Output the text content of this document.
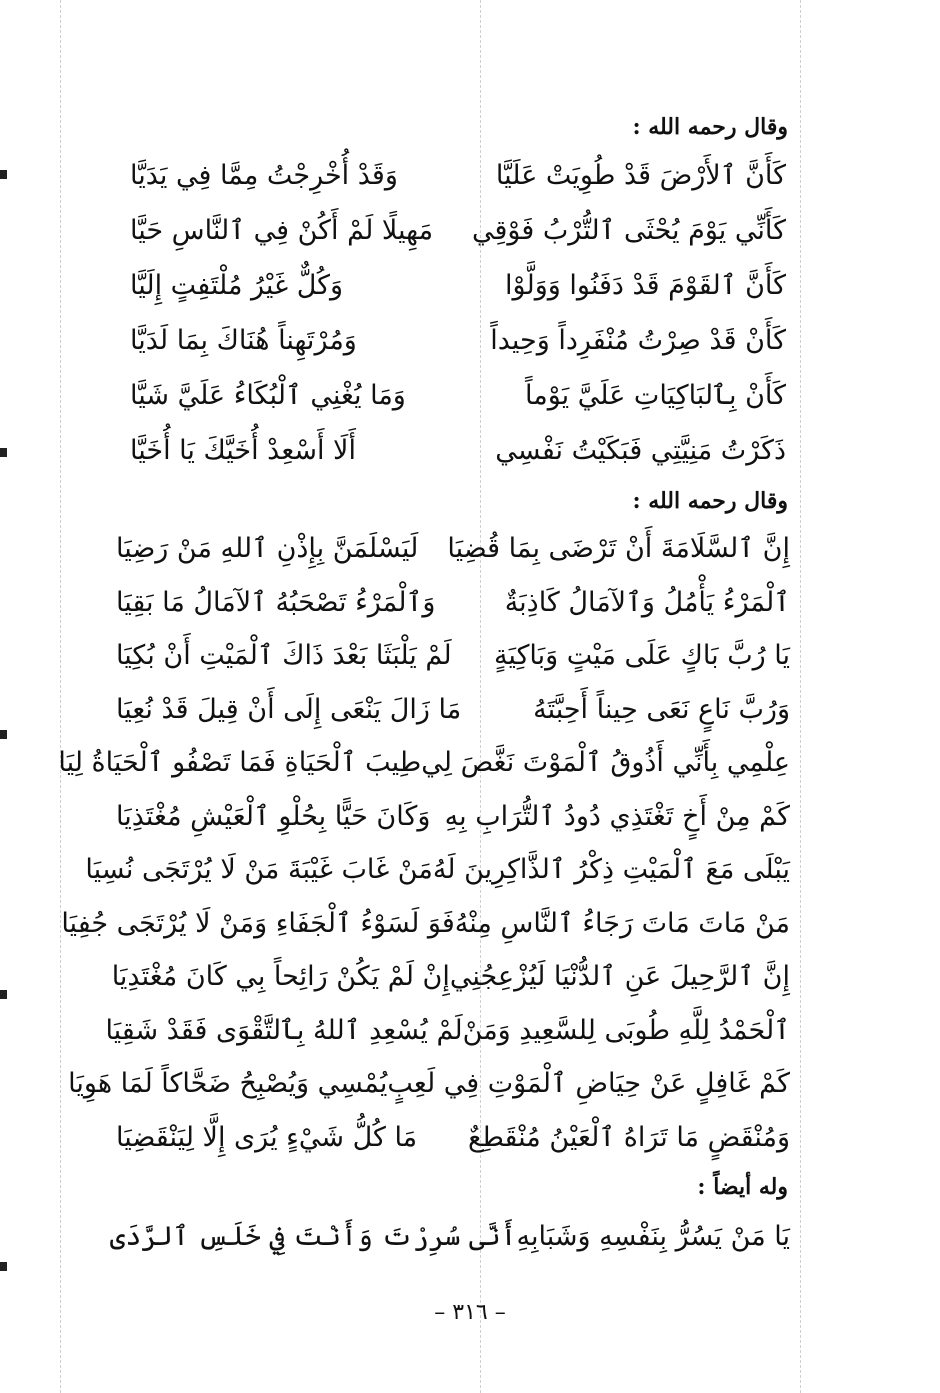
وقال رحمه الله :
كَأَنَّ ٱلأَرْضَ قَدْ طُوِيَتْ عَلَيَّا
وَقَدْ أُخْرِجْتُ مِمَّا فِي يَدَيَّا
كَأَنِّي يَوْمَ يُحْثَى ٱلتُّرْبُ فَوْقِي
مَهِيلًا لَمْ أَكُنْ فِي ٱلنَّاسِ حَيَّا
كَأَنَّ ٱلقَوْمَ قَدْ دَفَنُوا وَوَلَّوْا
وَكُلٌّ غَيْرُ مُلْتَفِتٍ إِلَيَّا
كَأَنْ قَدْ صِرْتُ مُنْفَرِداً وَحِيداً
وَمُرْتَهِناً هُنَاكَ بِمَا لَدَيَّا
كَأَنْ بِٱلبَاكِيَاتِ عَلَيَّ يَوْماً
وَمَا يُغْنِي ٱلْبُكَاءُ عَلَيَّ شَيَّا
ذَكَرْتُ مَنِيَّتِي فَبَكَيْتُ نَفْسِي
أَلَا أَسْعِدْ أُخَيَّكَ يَا أُخَيَّا
وقال رحمه الله :
إِنَّ ٱلسَّلَامَةَ أَنْ تَرْضَى بِمَا قُضِيَا
لَيَسْلَمَنَّ بِإِذْنِ ٱللهِ مَنْ رَضِيَا
ٱلْمَرْءُ يَأْمُلُ وَٱلآمَالُ كَاذِبَةٌ
وَٱلْمَرْءُ تَصْحَبُهُ ٱلآمَالُ مَا بَقِيَا
يَا رُبَّ بَاكٍ عَلَى مَيْتٍ وَبَاكِيَةٍ
لَمْ يَلْبَثَا بَعْدَ ذَاكَ ٱلْمَيْتِ أَنْ بُكِيَا
وَرُبَّ نَاعٍ نَعَى حِيناً أَحِبَّتَهُ
مَا زَالَ يَنْعَى إِلَى أَنْ قِيلَ قَدْ نُعِيَا
عِلْمِي بِأَنِّي أَذُوقُ ٱلْمَوْتَ نَغَّصَ لِي
طِيبَ ٱلْحَيَاةِ فَمَا تَصْفُو ٱلْحَيَاةُ لِيَا
كَمْ مِنْ أَخٍ تَغْتَذِي دُودُ ٱلتُّرَابِ بِهِ
وَكَانَ حَيًّا بِحُلْوِ ٱلْعَيْشِ مُغْتَذِيَا
يَبْلَى مَعَ ٱلْمَيْتِ ذِكْرُ ٱلذَّاكِرِينَ لَهُ
مَنْ غَابَ غَيْبَةَ مَنْ لَا يُرْتَجَى نُسِيَا
مَنْ مَاتَ مَاتَ رَجَاءُ ٱلنَّاسِ مِنْهُ
فَوَ لَسَوْءُ ٱلْجَفَاءِ وَمَنْ لَا يُرْتَجَى جُفِيَا
إِنَّ ٱلرَّحِيلَ عَنِ ٱلدُّنْيَا لَيُزْعِجُنِي
إِنْ لَمْ يَكُنْ رَائِحاً بِي كَانَ مُغْتَدِيَا
ٱلْحَمْدُ لِلَّهِ طُوبَى لِلسَّعِيدِ وَمَنْ
لَمْ يُسْعِدِ ٱللهُ بِٱلتَّقْوَى فَقَدْ شَقِيَا
كَمْ غَافِلٍ عَنْ حِيَاضِ ٱلْمَوْتِ فِي لَعِبٍ
يُمْسِي وَيُصْبِحُ ضَحَّاكاً لَمَا هَوِيَا
وَمُنْقَضٍ مَا تَرَاهُ ٱلْعَيْنُ مُنْقَطِعٌ
مَا كُلُّ شَيْءٍ يُرَى إِلَّا لِيَنْقَضِيَا
وله أيضاً :
يَا مَنْ يَسُرُّ بِنَفْسِهِ وَشَبَابِهِ
أَنَّى سُرِرْتَ وَأَنْتَ فِي خَلَسِ ٱلرَّدَى
– ٣١٦ –
